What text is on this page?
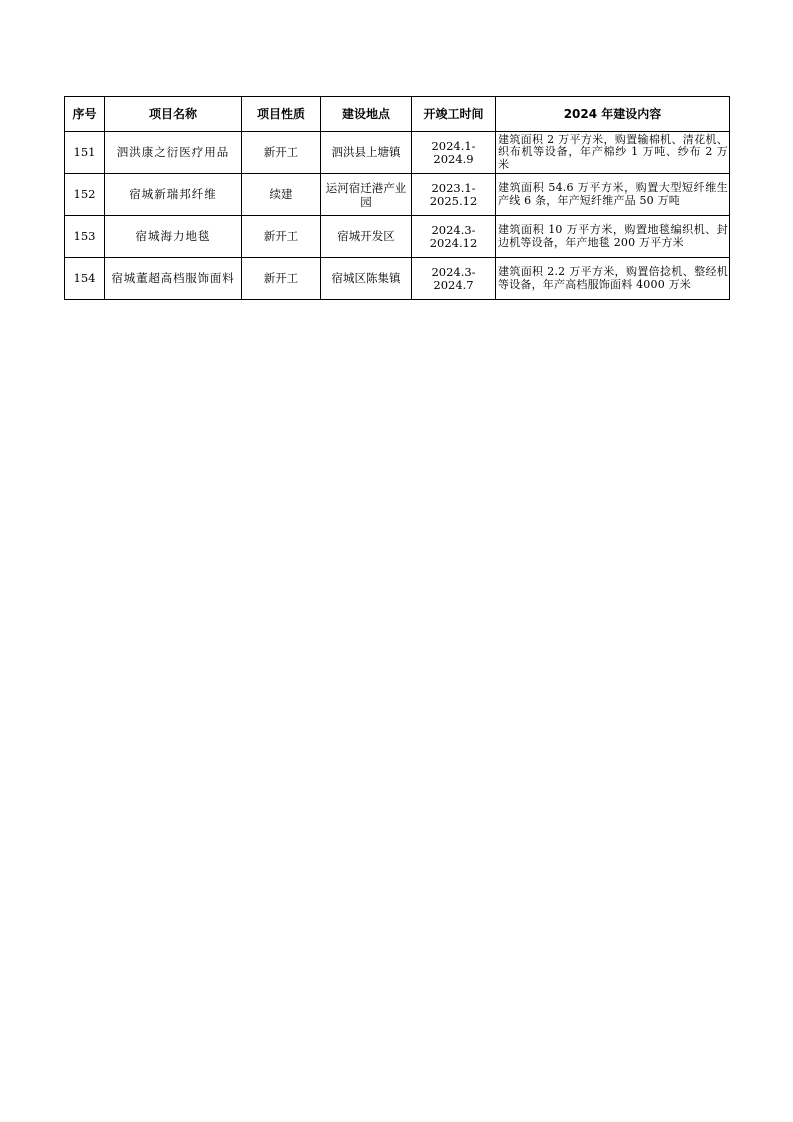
序号	项目名称	项目性质	建设地点	开竣工时间	2024 年建设内容
151	泗洪康之衍医疗用品	新开工	泗洪县上塘镇	2024.1-2024.9	建筑面积 2 万平方米，购置输棉机、清花机、织布机等设备，年产棉纱 1 万吨、纱布 2 万米
152	宿城新瑞邦纤维	续建	运河宿迁港产业园	2023.1-2025.12	建筑面积 54.6 万平方米，购置大型短纤维生产线 6 条，年产短纤维产品 50 万吨
153	宿城海力地毯	新开工	宿城开发区	2024.3-2024.12	建筑面积 10 万平方米，购置地毯编织机、封边机等设备，年产地毯 200 万平方米
154	宿城董超高档服饰面料	新开工	宿城区陈集镇	2024.3-2024.7	建筑面积 2.2 万平方米，购置倍捻机、整经机等设备，年产高档服饰面料 4000 万米
